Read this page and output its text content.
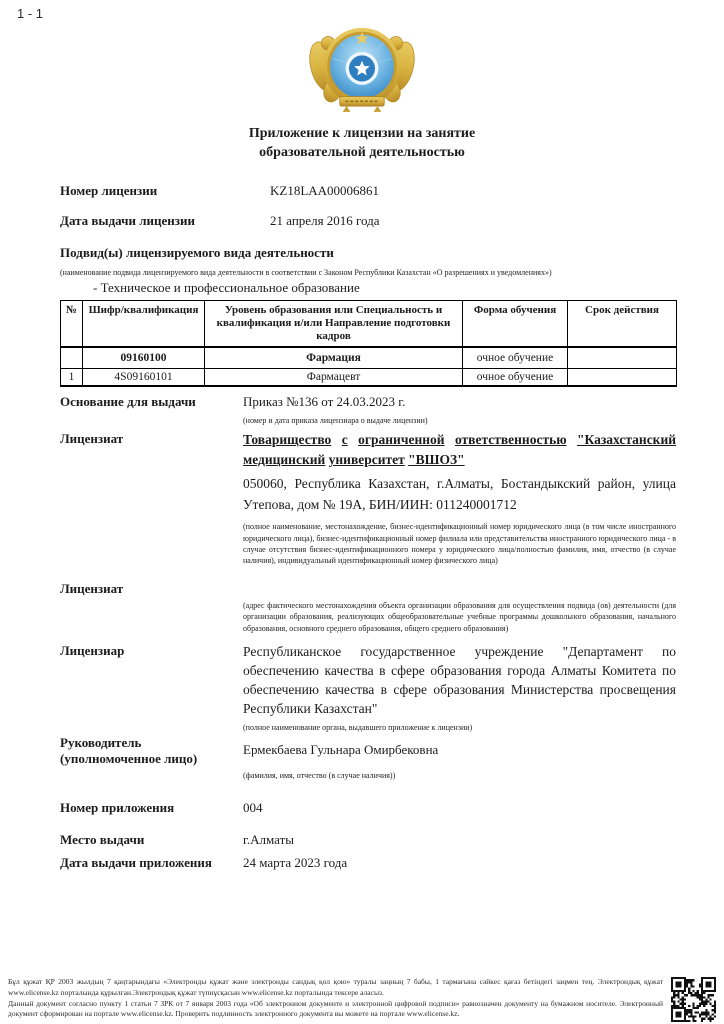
1 - 1
Приложение к лицензии на занятие
образовательной деятельностью
Номер лицензии	KZ18LAA00006861
Дата выдачи лицензии	21 апреля 2016 года
Подвид(ы) лицензируемого вида деятельности
(наименование подвида лицензируемого вида деятельности в соответствии с Законом Республики Казахстан «О разрешениях и уведомлениях»)
- Техническое и профессиональное образование
№	Шифр/квалификация	Уровень образования или Специальность и квалификация и/или Направление подготовки кадров	Форма обучения	Срок действия
	09160100	Фармация	очное обучение	
1	4S09160101	Фармацевт	очное обучение	
Основание для выдачи	Приказ №136 от 24.03.2023 г.
(номер и дата приказа лицензиара о выдаче лицензии)
Лицензиат	Товарищество с ограниченной ответственностью "Казахстанский медицинский университет "ВШОЗ"
050060, Республика Казахстан, г.Алматы, Бостандыкский район, улица Утепова, дом № 19А, БИН/ИИН: 011240001712
(полное наименование, местонахождение, бизнес-идентификационный номер юридического лица (в том числе иностранного юридического лица), бизнес-идентификационный номер филиала или представительства иностранного юридического лица - в случае отсутствия бизнес-идентификационного номера у юридического лица/полностью фамилия, имя, отчество (в случае наличия), индивидуальный идентификационный номер физического лица)
Лицензиат
(адрес фактического местонахождения объекта организации образования для осуществления подвида (ов) деятельности (для организации образования, реализующих общеобразовательные учебные программы дошкольного образования, начального образования, основного среднего образования, общего среднего образования)
Лицензиар	Республиканское государственное учреждение "Департамент по обеспечению качества в сфере образования города Алматы Комитета по обеспечению качества в сфере образования Министерства просвещения Республики Казахстан"
(полное наименование органа, выдавшего приложение к лицензии)
Руководитель
(уполномоченное лицо)
Ермекбаева Гульнара Омирбековна
(фамилия, имя, отчество (в случае наличия))
Номер приложения	004
Место выдачи	г.Алматы
Дата выдачи приложения	24 марта 2023 года
Бұл құжат ҚР 2003 жылдың 7 қаңтарындағы «Электронды құжат және электронды сандық қол қою» туралы заңның 7 бабы, 1 тармағына сәйкес қағаз бетіндегі заңмен тең. Электрондық құжат www.elicense.kz порталында құрылған.Электрондық құжат түпнұсқасын www.elicense.kz порталында тексере аласыз.
Данный документ согласно пункту 1 статьи 7 ЗРК от 7 января 2003 года «Об электронном документе и электронной цифровой подписи» равнозначен документу на бумажном носителе. Электронный документ сформирован на портале www.elicense.kz. Проверить подлинность электронного документа вы можете на портале www.elicense.kz.
